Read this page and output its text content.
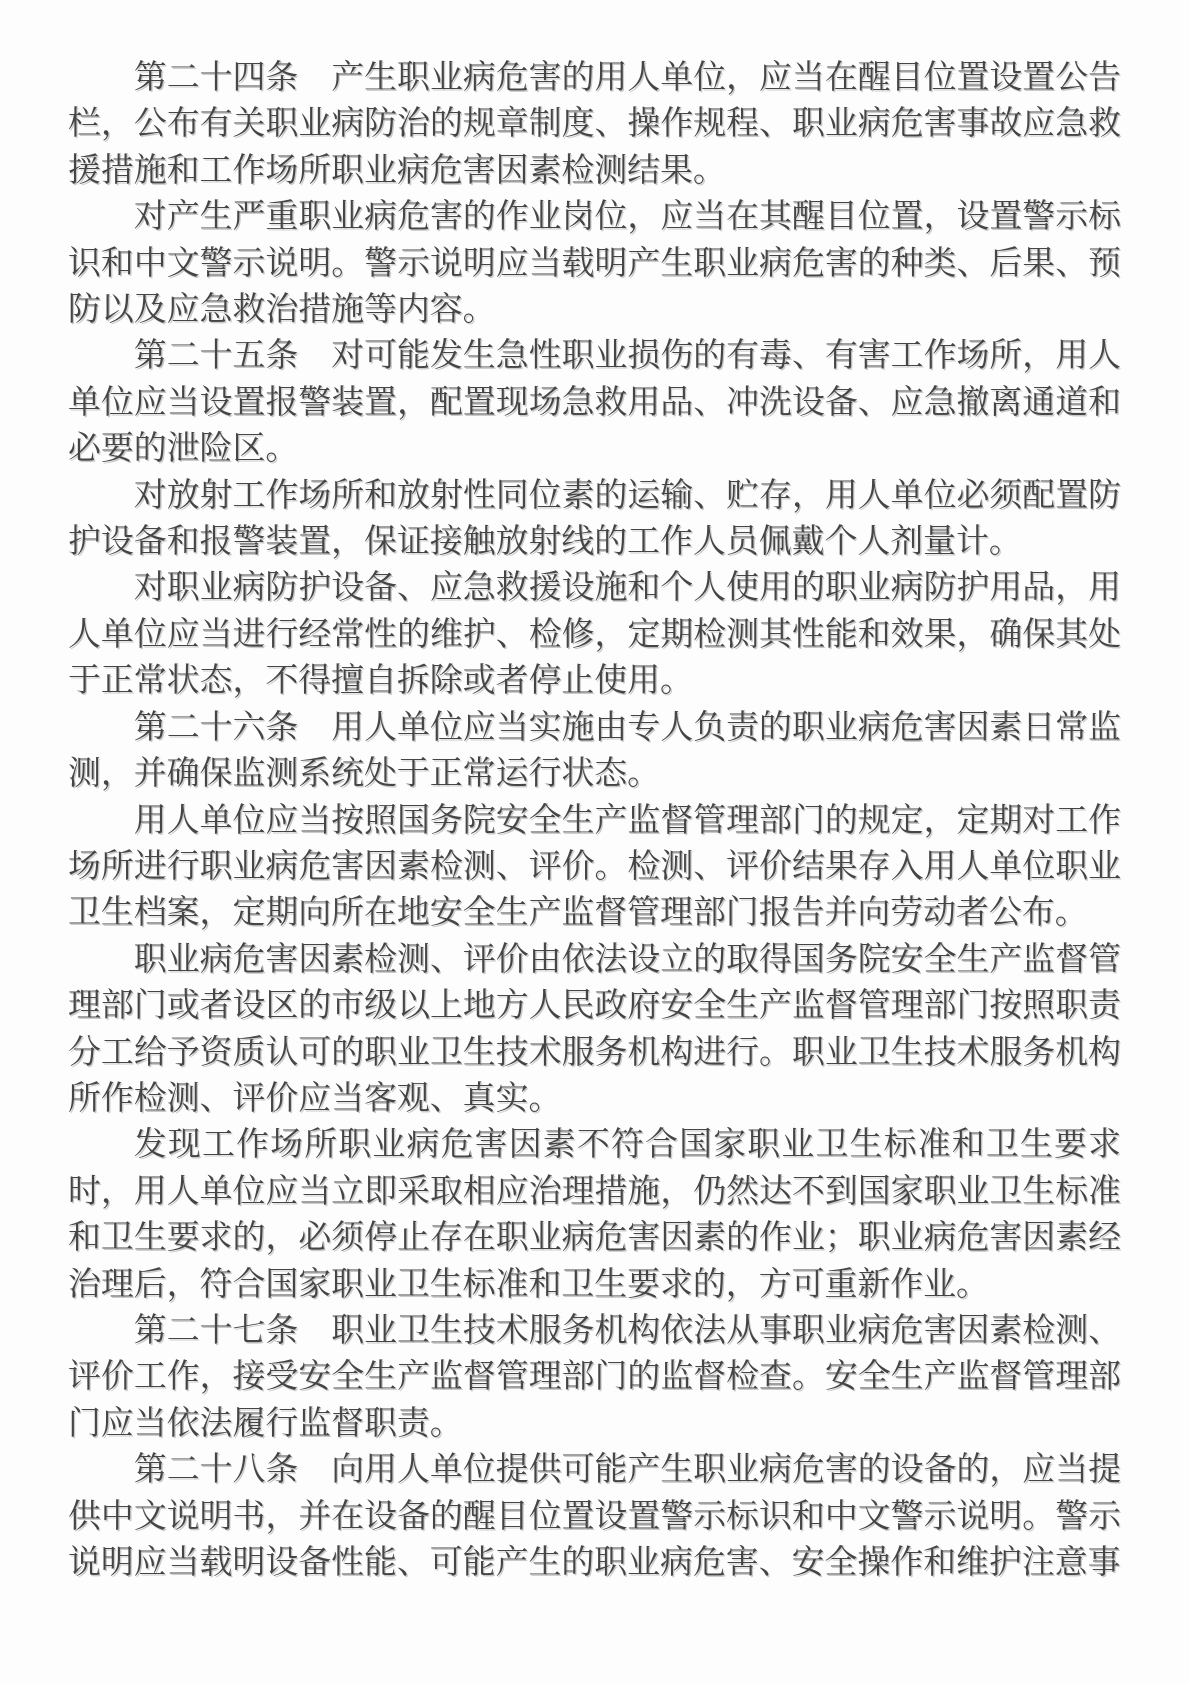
第二十四条　产生职业病危害的用人单位，应当在醒目位置设置公告栏，公布有关职业病防治的规章制度、操作规程、职业病危害事故应急救援措施和工作场所职业病危害因素检测结果。

对产生严重职业病危害的作业岗位，应当在其醒目位置，设置警示标识和中文警示说明。警示说明应当载明产生职业病危害的种类、后果、预防以及应急救治措施等内容。

第二十五条　对可能发生急性职业损伤的有毒、有害工作场所，用人单位应当设置报警装置，配置现场急救用品、冲洗设备、应急撤离通道和必要的泄险区。

对放射工作场所和放射性同位素的运输、贮存，用人单位必须配置防护设备和报警装置，保证接触放射线的工作人员佩戴个人剂量计。

对职业病防护设备、应急救援设施和个人使用的职业病防护用品，用人单位应当进行经常性的维护、检修，定期检测其性能和效果，确保其处于正常状态，不得擅自拆除或者停止使用。

第二十六条　用人单位应当实施由专人负责的职业病危害因素日常监测，并确保监测系统处于正常运行状态。

用人单位应当按照国务院安全生产监督管理部门的规定，定期对工作场所进行职业病危害因素检测、评价。检测、评价结果存入用人单位职业卫生档案，定期向所在地安全生产监督管理部门报告并向劳动者公布。

职业病危害因素检测、评价由依法设立的取得国务院安全生产监督管理部门或者设区的市级以上地方人民政府安全生产监督管理部门按照职责分工给予资质认可的职业卫生技术服务机构进行。职业卫生技术服务机构所作检测、评价应当客观、真实。

发现工作场所职业病危害因素不符合国家职业卫生标准和卫生要求时，用人单位应当立即采取相应治理措施，仍然达不到国家职业卫生标准和卫生要求的，必须停止存在职业病危害因素的作业；职业病危害因素经治理后，符合国家职业卫生标准和卫生要求的，方可重新作业。

第二十七条　职业卫生技术服务机构依法从事职业病危害因素检测、评价工作，接受安全生产监督管理部门的监督检查。安全生产监督管理部门应当依法履行监督职责。

第二十八条　向用人单位提供可能产生职业病危害的设备的，应当提供中文说明书，并在设备的醒目位置设置警示标识和中文警示说明。警示说明应当载明设备性能、可能产生的职业病危害、安全操作和维护注意事
